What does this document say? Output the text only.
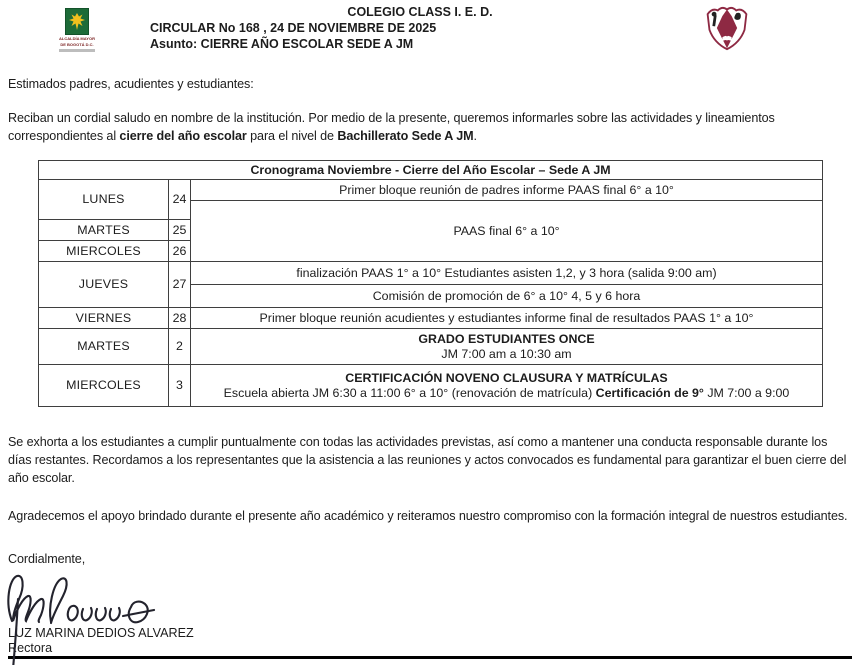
ALCALDÍA MAYOR
DE BOGOTÁ D.C.
COLEGIO CLASS I. E. D.
CIRCULAR No 168 , 24 DE NOVIEMBRE DE 2025
Asunto: CIERRE AÑO ESCOLAR SEDE A JM

Estimados padres, acudientes y estudiantes:

Reciban un cordial saludo en nombre de la institución. Por medio de la presente, queremos informarles sobre las actividades y lineamientos correspondientes al cierre del año escolar para el nivel de Bachillerato Sede A JM.

Cronograma Noviembre - Cierre del Año Escolar – Sede A JM		
LUNES	24	Primer bloque reunión de padres informe PAAS final 6° a 10°
		PAAS final 6° a 10°
MARTES	25	
MIERCOLES	26	
JUEVES	27	finalización PAAS 1° a 10° Estudiantes asisten 1,2, y 3 hora (salida 9:00 am)
		Comisión de promoción de 6° a 10° 4, 5 y 6 hora
VIERNES	28	Primer bloque reunión acudientes y estudiantes informe final de resultados PAAS 1° a 10°
MARTES	2	GRADO ESTUDIANTES ONCE
JM 7:00 am a 10:30 am

MIERCOLES	3	CERTIFICACIÓN NOVENO CLAUSURA Y MATRÍCULAS
Escuela abierta JM 6:30 a 11:00 6° a 10° (renovación de matrícula) Certificación de 9° JM 7:00 a 9:00

Se exhorta a los estudiantes a cumplir puntualmente con todas las actividades previstas, así como a mantener una conducta responsable durante los días restantes. Recordamos a los representantes que la asistencia a las reuniones y actos convocados es fundamental para garantizar el buen cierre del año escolar.

Agradecemos el apoyo brindado durante el presente año académico y reiteramos nuestro compromiso con la formación integral de nuestros estudiantes.

Cordialmente,

LUZ MARINA DEDIOS ALVAREZ

Rectora
